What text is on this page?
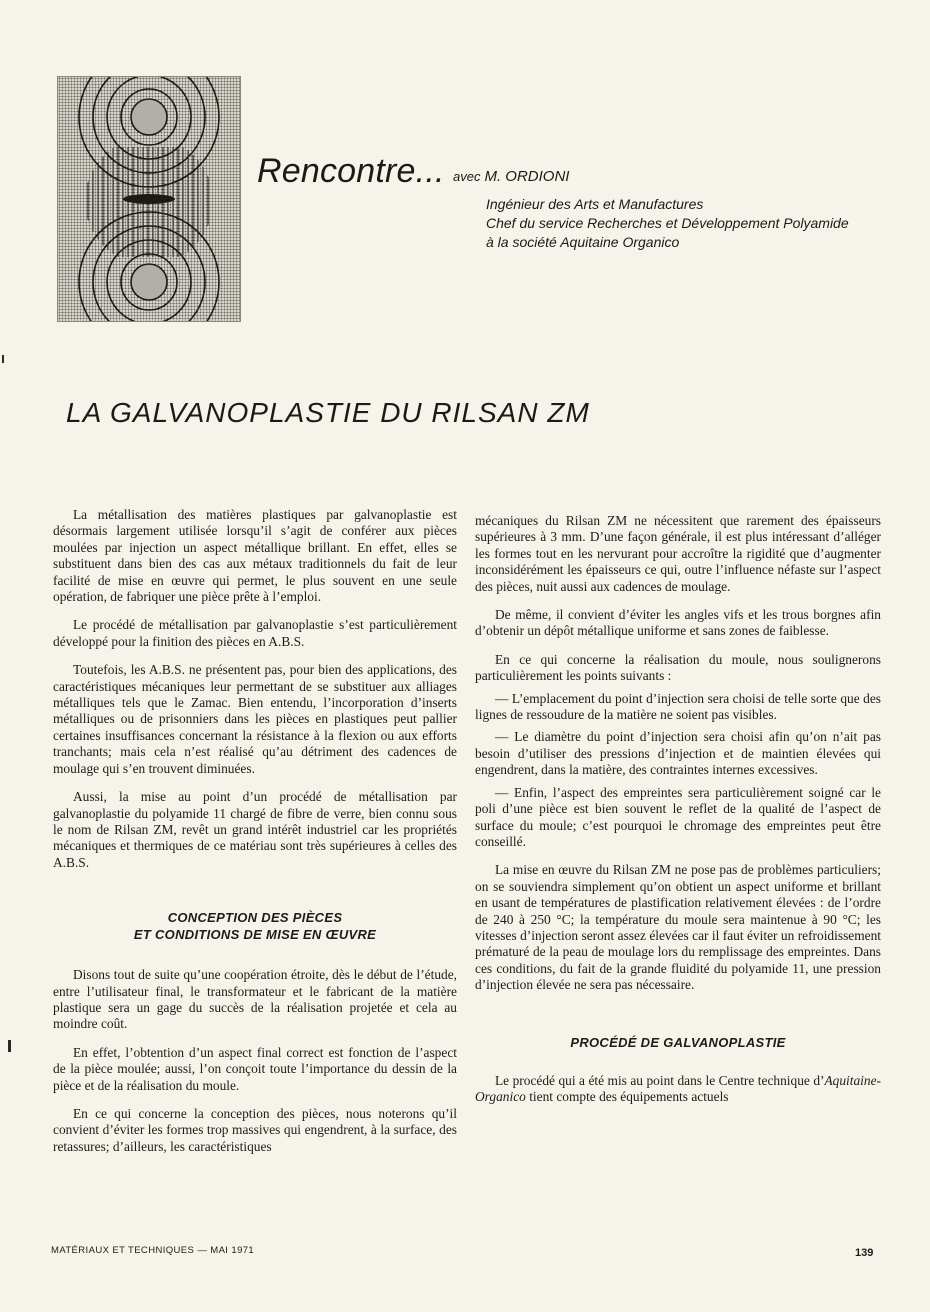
Rencontre... avec M. ORDIONI
Ingénieur des Arts et Manufactures
Chef du service Recherches et Développement Polyamide
à la société Aquitaine Organico
LA GALVANOPLASTIE DU RILSAN ZM

La métallisation des matières plastiques par galvanoplastie est désormais largement utilisée lorsqu’il s’agit de conférer aux pièces moulées par injection un aspect métallique brillant. En effet, elles se substituent dans bien des cas aux métaux traditionnels du fait de leur facilité de mise en œuvre qui permet, le plus souvent en une seule opération, de fabriquer une pièce prête à l’emploi.

Le procédé de métallisation par galvanoplastie s’est particulièrement développé pour la finition des pièces en A.B.S.

Toutefois, les A.B.S. ne présentent pas, pour bien des applications, des caractéristiques mécaniques leur permettant de se substituer aux alliages métalliques tels que le Zamac. Bien entendu, l’incorporation d’inserts métalliques ou de prisonniers dans les pièces en plastiques peut pallier certaines insuffisances concernant la résistance à la flexion ou aux efforts tranchants; mais cela n’est réalisé qu’au détriment des cadences de moulage qui s’en trouvent diminuées.

Aussi, la mise au point d’un procédé de métallisation par galvanoplastie du polyamide 11 chargé de fibre de verre, bien connu sous le nom de Rilsan ZM, revêt un grand intérêt industriel car les propriétés mécaniques et thermiques de ce matériau sont très supérieures à celles des A.B.S.

CONCEPTION DES PIÈCES
ET CONDITIONS DE MISE EN ŒUVRE

Disons tout de suite qu’une coopération étroite, dès le début de l’étude, entre l’utilisateur final, le transformateur et le fabricant de la matière plastique sera un gage du succès de la réalisation projetée et cela au moindre coût.

En effet, l’obtention d’un aspect final correct est fonction de l’aspect de la pièce moulée; aussi, l’on conçoit toute l’importance du dessin de la pièce et de la réalisation du moule.

En ce qui concerne la conception des pièces, nous noterons qu’il convient d’éviter les formes trop massives qui engendrent, à la surface, des retassures; d’ailleurs, les caractéristiques

mécaniques du Rilsan ZM ne nécessitent que rarement des épaisseurs supérieures à 3 mm. D’une façon générale, il est plus intéressant d’alléger les formes tout en les nervurant pour accroître la rigidité que d’augmenter inconsidérément les épaisseurs ce qui, outre l’influence néfaste sur l’aspect des pièces, nuit aussi aux cadences de moulage.

De même, il convient d’éviter les angles vifs et les trous borgnes afin d’obtenir un dépôt métallique uniforme et sans zones de faiblesse.

En ce qui concerne la réalisation du moule, nous soulignerons particulièrement les points suivants :

— L’emplacement du point d’injection sera choisi de telle sorte que des lignes de ressoudure de la matière ne soient pas visibles.

— Le diamètre du point d’injection sera choisi afin qu’on n’ait pas besoin d’utiliser des pressions d’injection et de maintien élevées qui engendrent, dans la matière, des contraintes internes excessives.

— Enfin, l’aspect des empreintes sera particulièrement soigné car le poli d’une pièce est bien souvent le reflet de la qualité de l’aspect de surface du moule; c’est pourquoi le chromage des empreintes peut être conseillé.

La mise en œuvre du Rilsan ZM ne pose pas de problèmes particuliers; on se souviendra simplement qu’on obtient un aspect uniforme et brillant en usant de températures de plastification relativement élevées : de l’ordre de 240 à 250 °C; la température du moule sera maintenue à 90 °C; les vitesses d’injection seront assez élevées car il faut éviter un refroidissement prématuré de la peau de moulage lors du remplissage des empreintes. Dans ces conditions, du fait de la grande fluidité du polyamide 11, une pression d’injection élevée ne sera pas nécessaire.

PROCÉDÉ DE GALVANOPLASTIE

Le procédé qui a été mis au point dans le Centre technique d’Aquitaine-Organico tient compte des équipements actuels

MATÉRIAUX ET TECHNIQUES — MAI 1971	139
